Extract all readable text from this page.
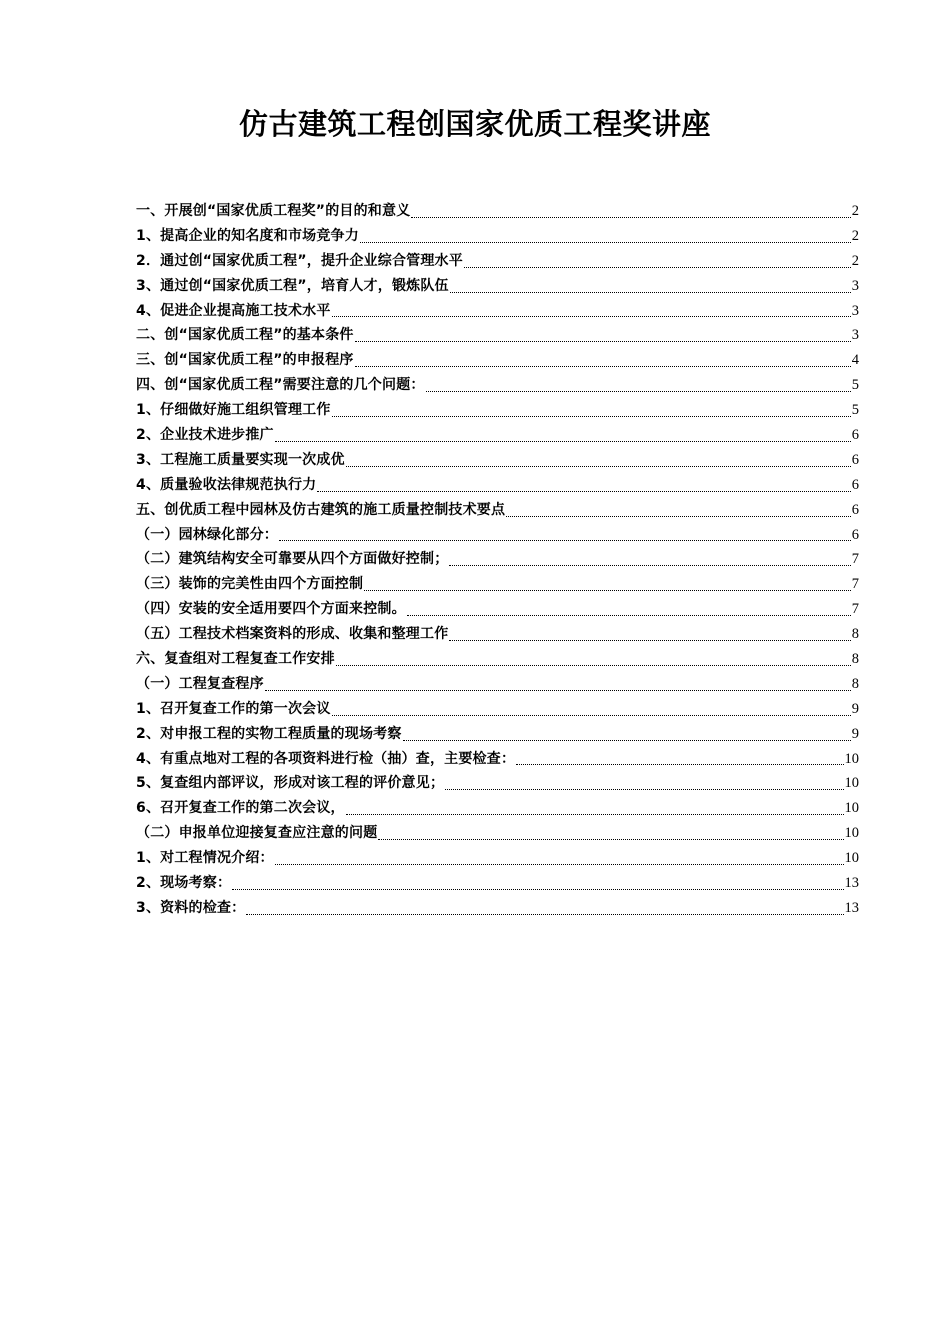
仿古建筑工程创国家优质工程奖讲座
一、开展创“国家优质工程奖”的目的和意义	2
1、提高企业的知名度和市场竞争力	2
2．通过创“国家优质工程”，提升企业综合管理水平	2
3、通过创“国家优质工程”，培育人才，锻炼队伍	3
4、促进企业提高施工技术水平	3
二、创“国家优质工程”的基本条件	3
三、创“国家优质工程”的申报程序	4
四、创“国家优质工程”需要注意的几个问题：	5
1、仔细做好施工组织管理工作	5
2、企业技术进步推广	6
3、工程施工质量要实现一次成优	6
4、质量验收法律规范执行力	6
五、创优质工程中园林及仿古建筑的施工质量控制技术要点	6
（一）园林绿化部分：	6
（二）建筑结构安全可靠要从四个方面做好控制；	7
（三）装饰的完美性由四个方面控制	7
（四）安装的安全适用要四个方面来控制。	7
（五）工程技术档案资料的形成、收集和整理工作	8
六、复查组对工程复查工作安排	8
（一）工程复查程序	8
1、召开复查工作的第一次会议	9
2、对申报工程的实物工程质量的现场考察	9
4、有重点地对工程的各项资料进行检（抽）查，主要检查：	10
5、复查组内部评议，形成对该工程的评价意见；	10
6、召开复查工作的第二次会议，	10
（二）申报单位迎接复查应注意的问题	10
1、对工程情况介绍：	10
2、现场考察：	13
3、资料的检查：	13
